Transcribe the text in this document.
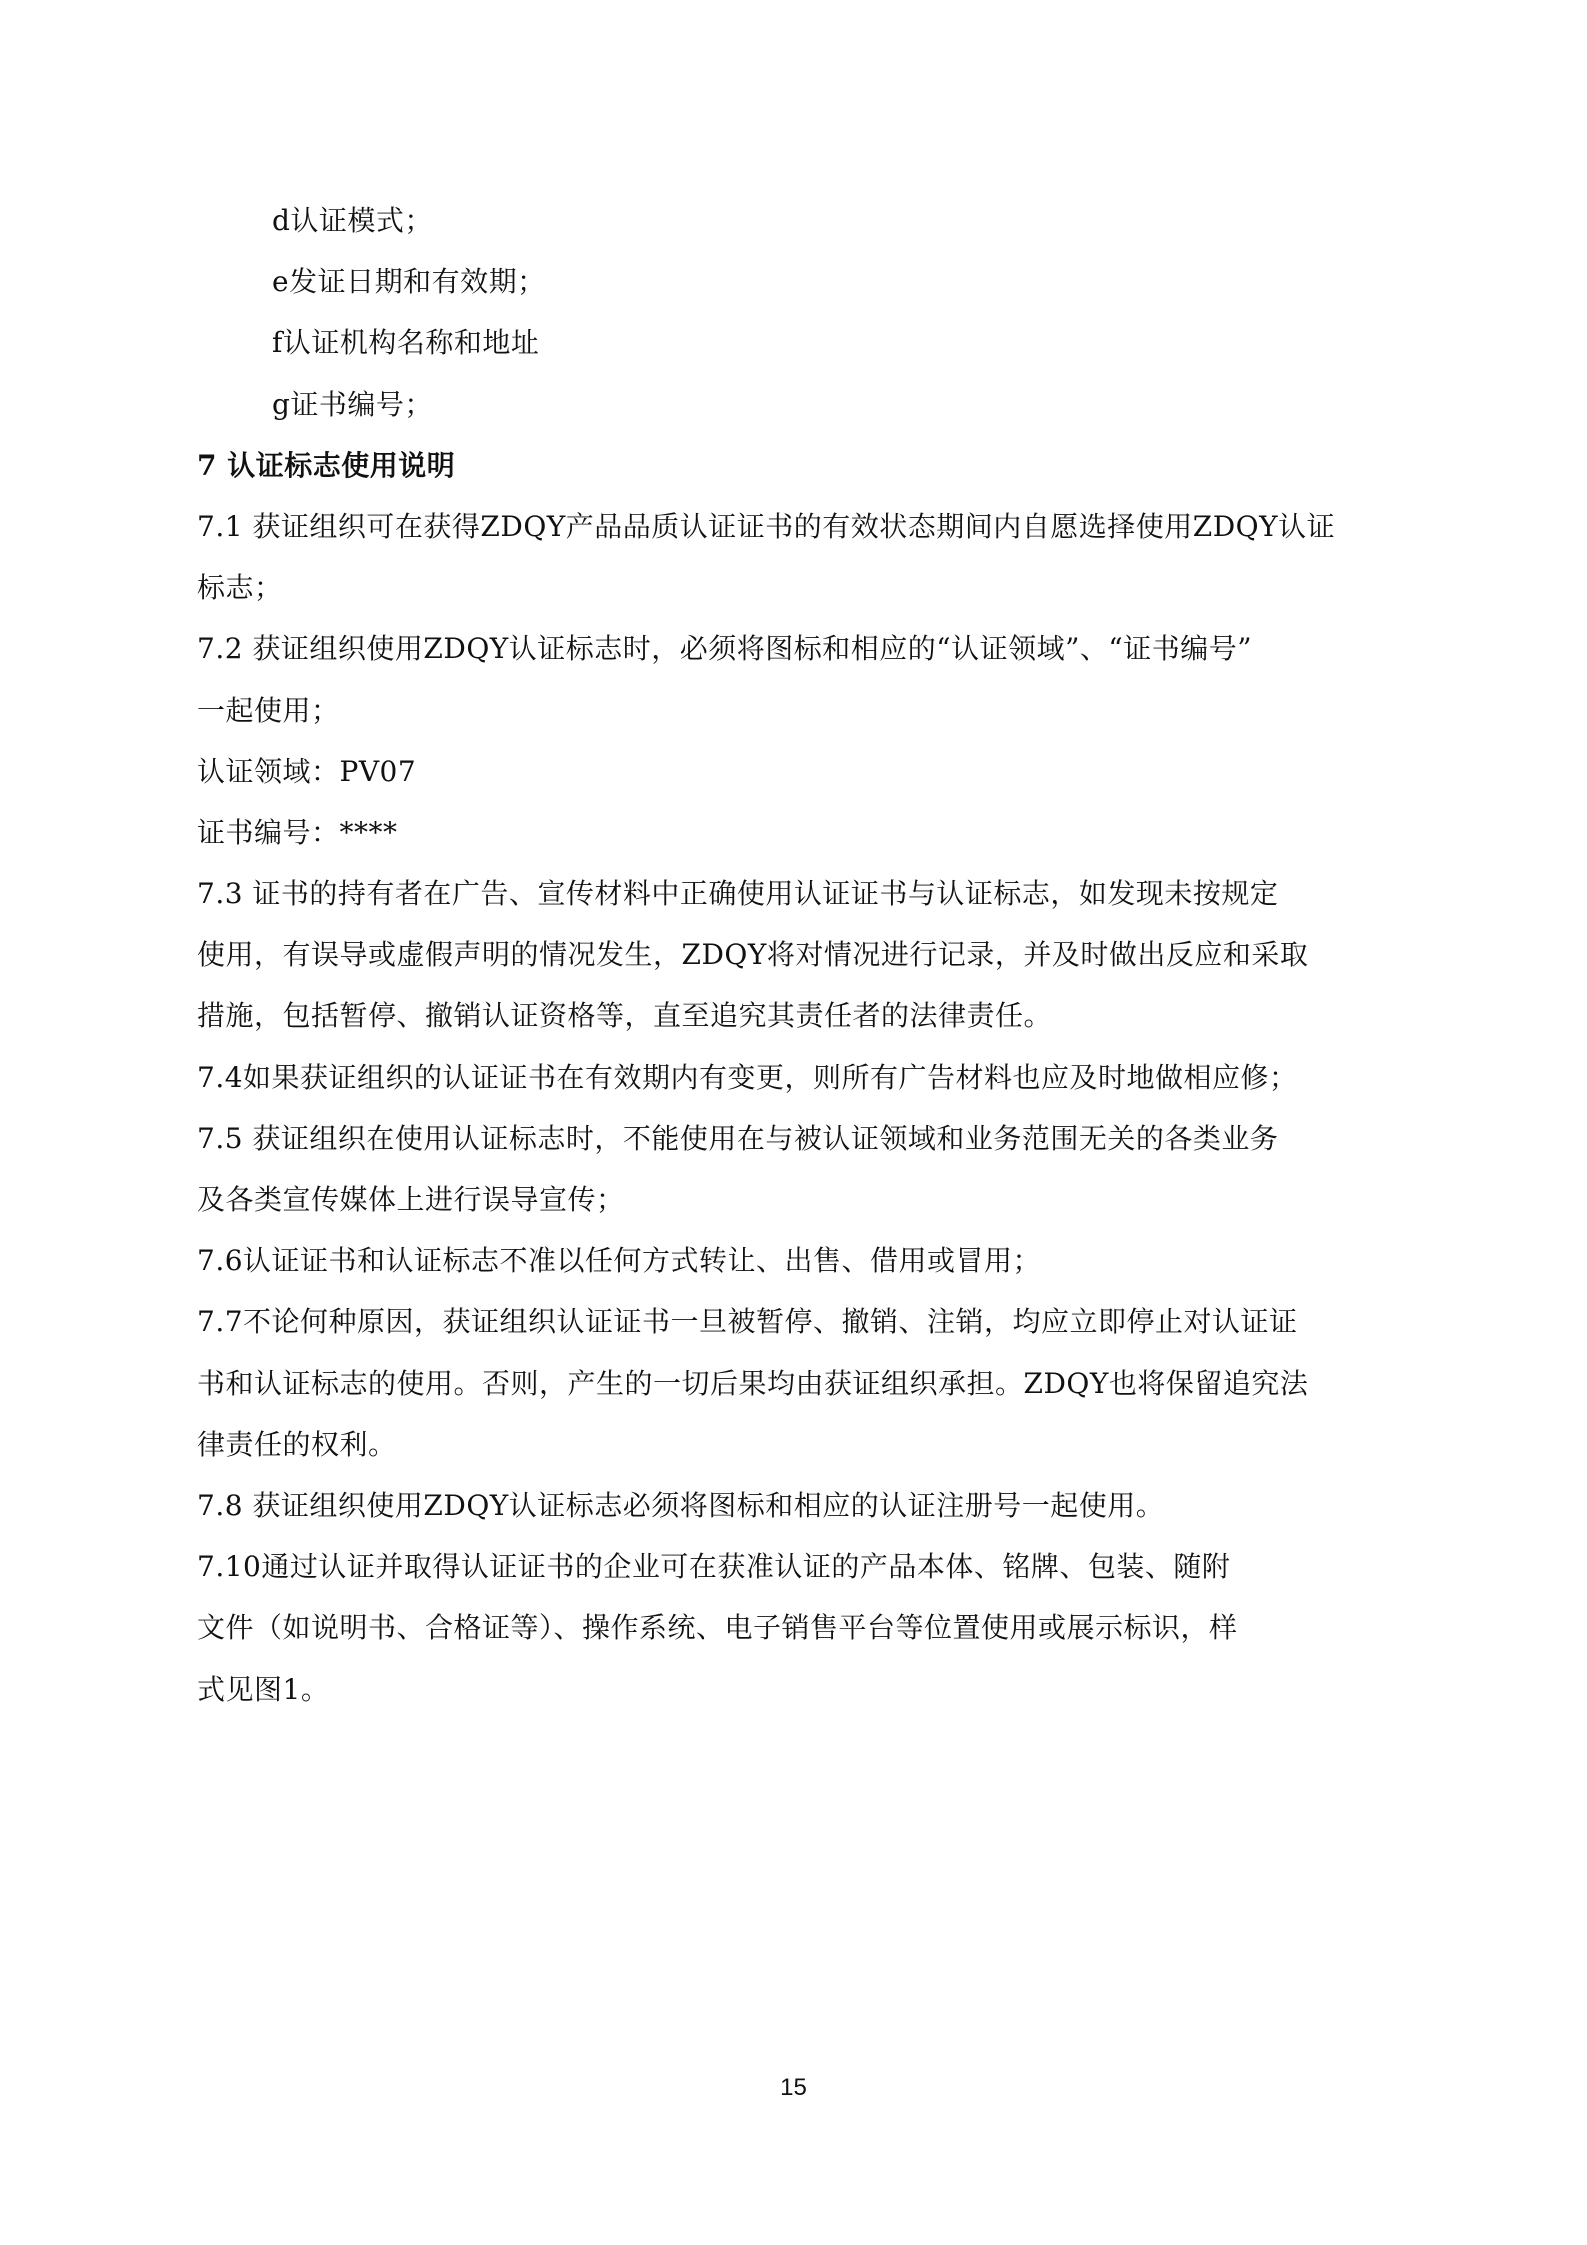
d认证模式；
e发证日期和有效期；
f认证机构名称和地址
g证书编号；
7 认证标志使用说明
7.1 获证组织可在获得ZDQY产品品质认证证书的有效状态期间内自愿选择使用ZDQY认证
标志；
7.2 获证组织使用ZDQY认证标志时，必须将图标和相应的“认证领域”、“证书编号”
一起使用；
认证领域：PV07
证书编号：****
7.3 证书的持有者在广告、宣传材料中正确使用认证证书与认证标志，如发现未按规定
使用，有误导或虚假声明的情况发生，ZDQY将对情况进行记录，并及时做出反应和采取
措施，包括暂停、撤销认证资格等，直至追究其责任者的法律责任。
7.4如果获证组织的认证证书在有效期内有变更，则所有广告材料也应及时地做相应修；
7.5 获证组织在使用认证标志时，不能使用在与被认证领域和业务范围无关的各类业务
及各类宣传媒体上进行误导宣传；
7.6认证证书和认证标志不准以任何方式转让、出售、借用或冒用；
7.7不论何种原因，获证组织认证证书一旦被暂停、撤销、注销，均应立即停止对认证证
书和认证标志的使用。否则，产生的一切后果均由获证组织承担。ZDQY也将保留追究法
律责任的权利。
7.8 获证组织使用ZDQY认证标志必须将图标和相应的认证注册号一起使用。
7.10通过认证并取得认证证书的企业可在获准认证的产品本体、铭牌、包装、随附
文件（如说明书、合格证等）、操作系统、电子销售平台等位置使用或展示标识，样
式见图1。
15
